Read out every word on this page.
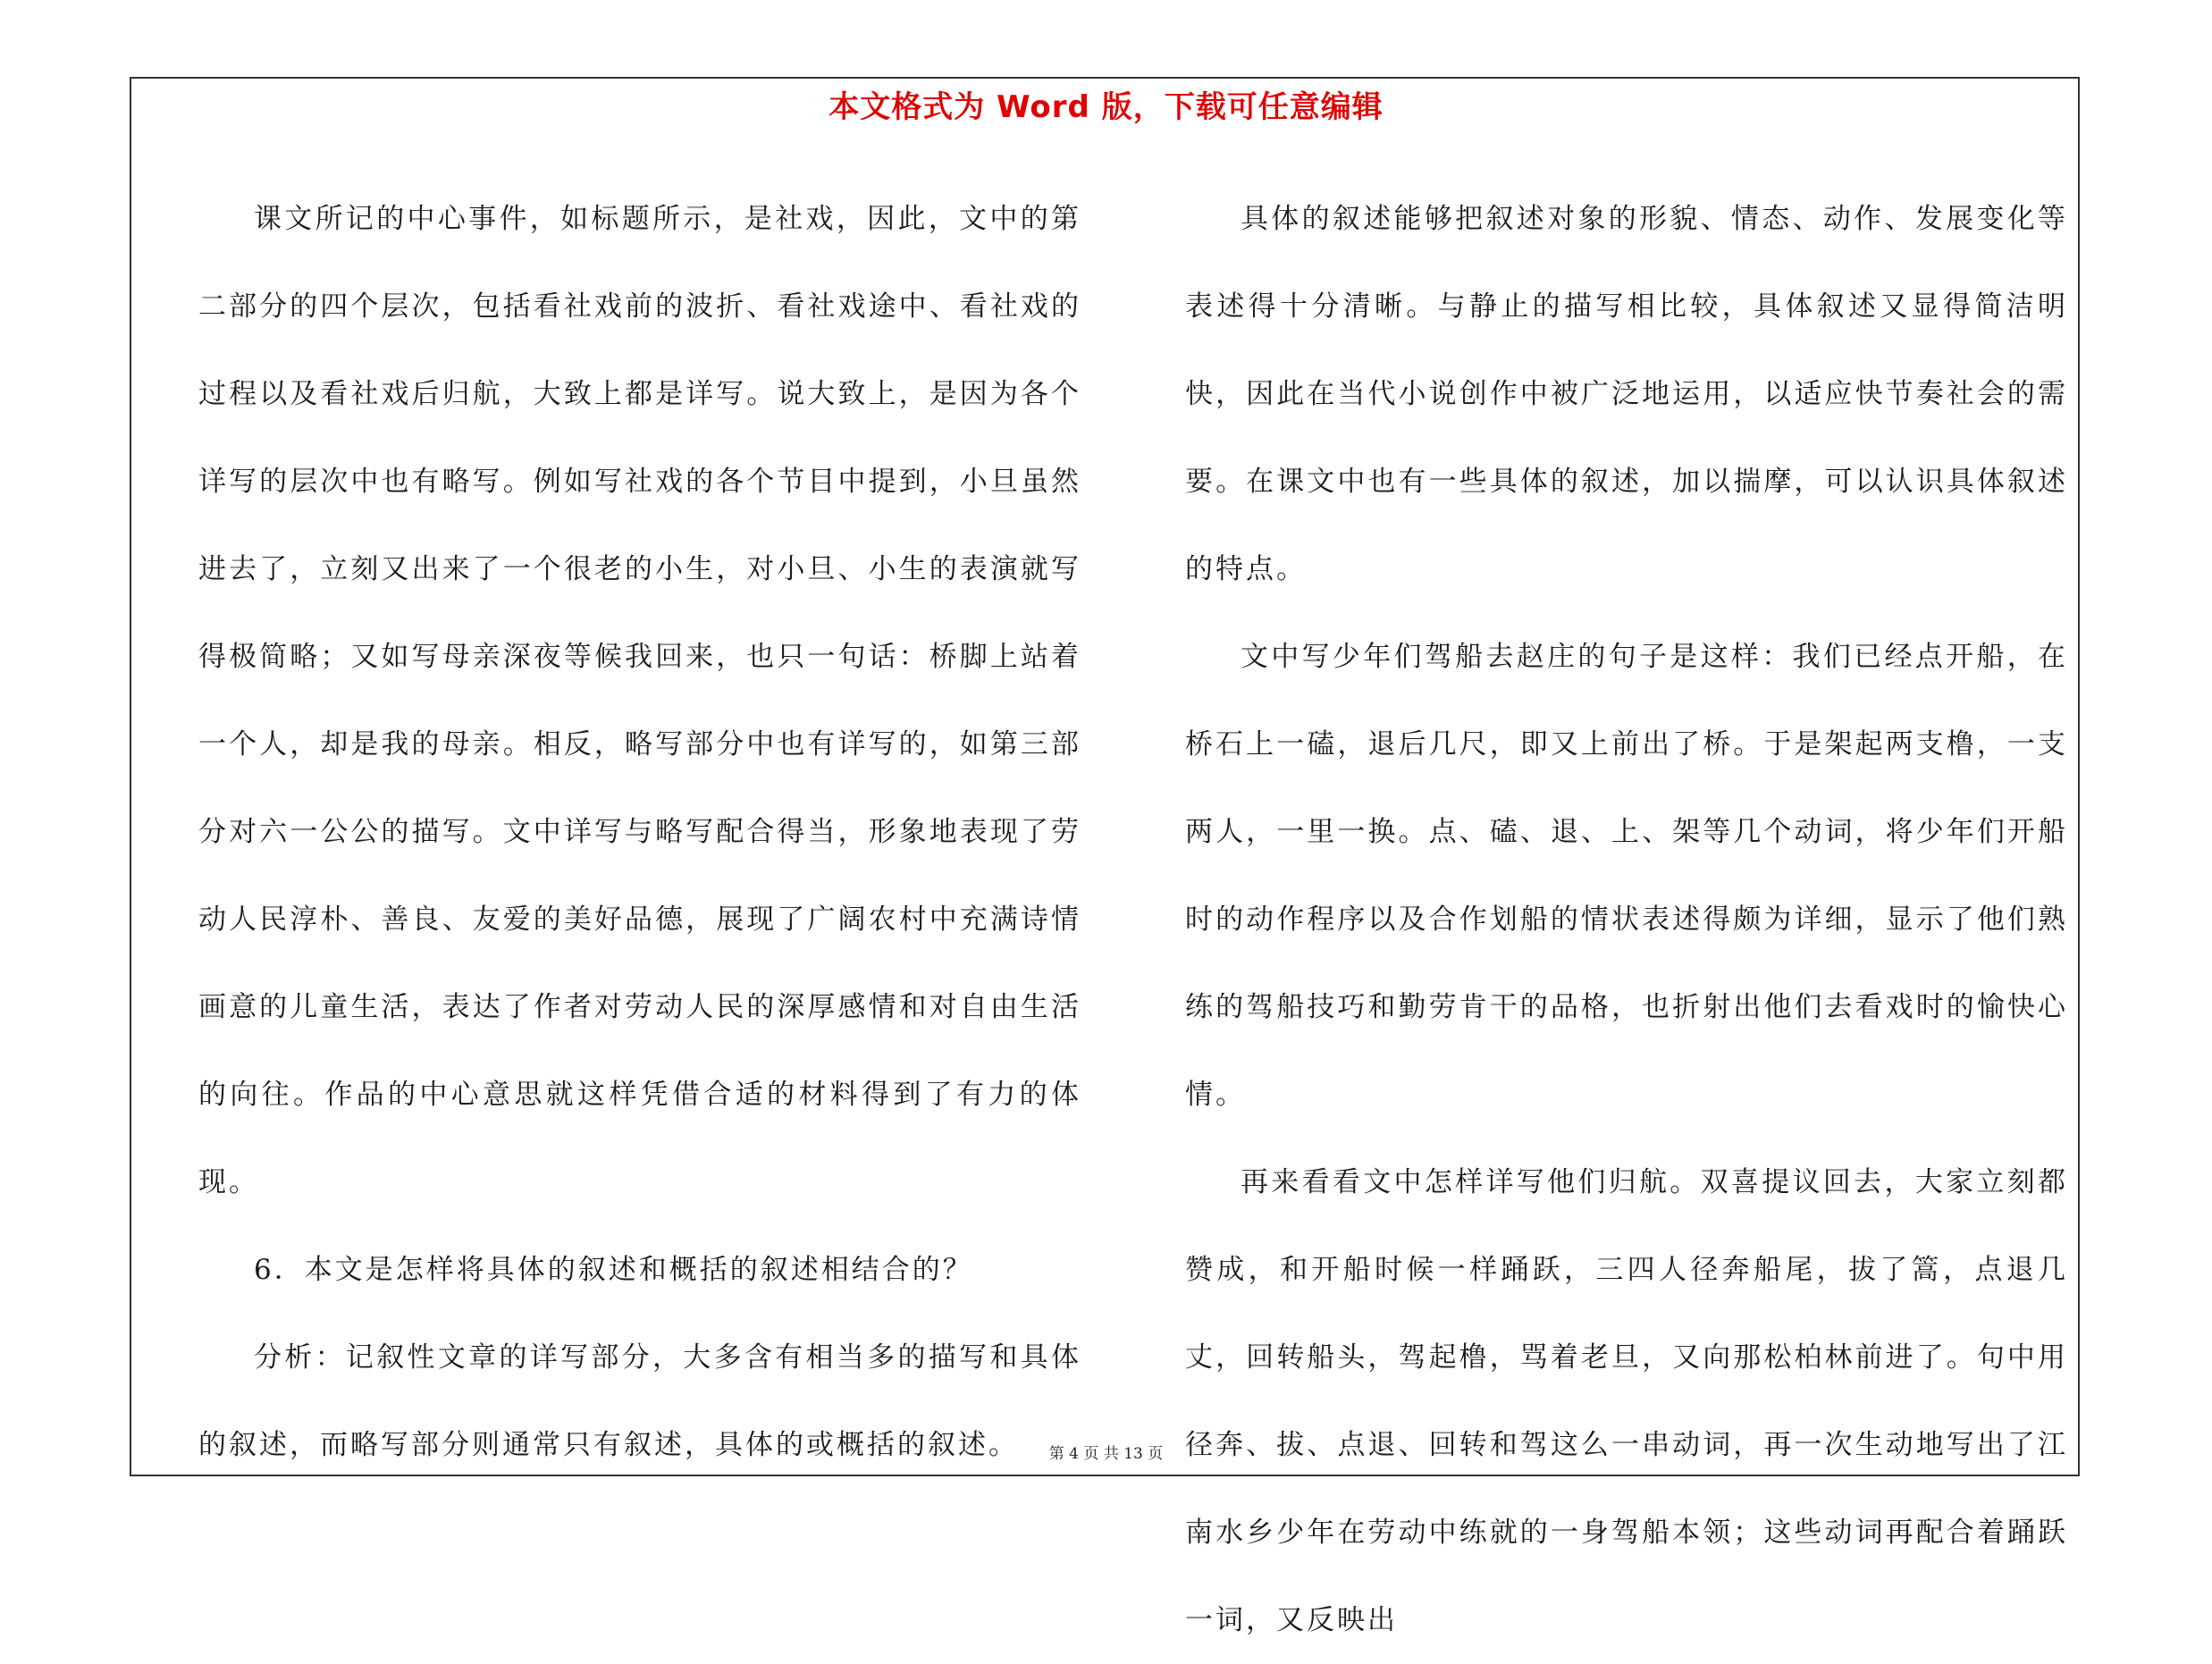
本文格式为 Word 版，下载可任意编辑

课文所记的中心事件，如标题所示，是社戏，因此，文中的第二部分的四个层次，包括看社戏前的波折、看社戏途中、看社戏的过程以及看社戏后归航，大致上都是详写。说大致上，是因为各个详写的层次中也有略写。例如写社戏的各个节目中提到，小旦虽然进去了，立刻又出来了一个很老的小生，对小旦、小生的表演就写得极简略；又如写母亲深夜等候我回来，也只一句话：桥脚上站着一个人，却是我的母亲。相反，略写部分中也有详写的，如第三部分对六一公公的描写。文中详写与略写配合得当，形象地表现了劳动人民淳朴、善良、友爱的美好品德，展现了广阔农村中充满诗情画意的儿童生活，表达了作者对劳动人民的深厚感情和对自由生活的向往。作品的中心意思就这样凭借合适的材料得到了有力的体现。

6．本文是怎样将具体的叙述和概括的叙述相结合的？

分析：记叙性文章的详写部分，大多含有相当多的描写和具体的叙述，而略写部分则通常只有叙述，具体的或概括的叙述。

具体的叙述能够把叙述对象的形貌、情态、动作、发展变化等表述得十分清晰。与静止的描写相比较，具体叙述又显得简洁明快，因此在当代小说创作中被广泛地运用，以适应快节奏社会的需要。在课文中也有一些具体的叙述，加以揣摩，可以认识具体叙述的特点。

文中写少年们驾船去赵庄的句子是这样：我们已经点开船，在桥石上一磕，退后几尺，即又上前出了桥。于是架起两支橹，一支两人，一里一换。点、磕、退、上、架等几个动词，将少年们开船时的动作程序以及合作划船的情状表述得颇为详细，显示了他们熟练的驾船技巧和勤劳肯干的品格，也折射出他们去看戏时的愉快心情。

再来看看文中怎样详写他们归航。双喜提议回去，大家立刻都赞成，和开船时候一样踊跃，三四人径奔船尾，拔了篙，点退几丈，回转船头，驾起橹，骂着老旦，又向那松柏林前进了。句中用径奔、拔、点退、回转和驾这么一串动词，再一次生动地写出了江南水乡少年在劳动中练就的一身驾船本领；这些动词再配合着踊跃一词，又反映出

第 4 页 共 13 页
